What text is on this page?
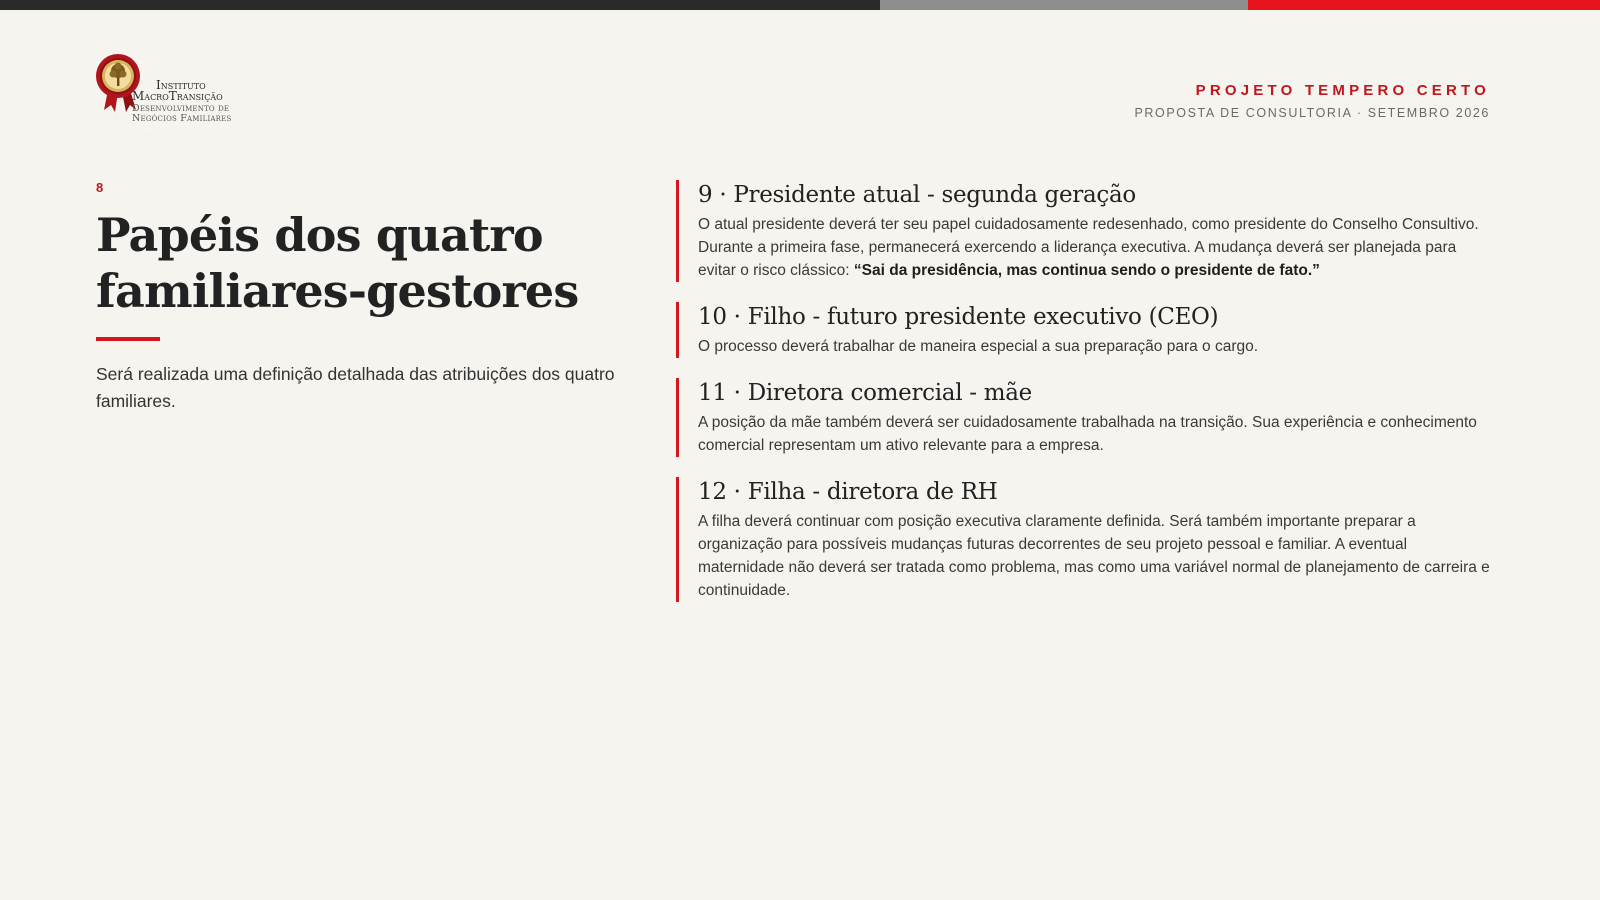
Instituto
MacroTransição
Desenvolvimento de
Negócios Familiares
PROJETO TEMPERO CERTO
PROPOSTA DE CONSULTORIA · SETEMBRO 2026
8
Papéis dos quatro familiares-gestores

Será realizada uma definição detalhada das atribuições dos quatro familiares.

9 · Presidente atual - segunda geração
O atual presidente deverá ter seu papel cuidadosamente redesenhado, como presidente do Conselho Consultivo. Durante a primeira fase, permanecerá exercendo a liderança executiva. A mudança deverá ser planejada para evitar o risco clássico: “Sai da presidência, mas continua sendo o presidente de fato.”
10 · Filho - futuro presidente executivo (CEO)
O processo deverá trabalhar de maneira especial a sua preparação para o cargo.
11 · Diretora comercial - mãe
A posição da mãe também deverá ser cuidadosamente trabalhada na transição. Sua experiência e conhecimento comercial representam um ativo relevante para a empresa.
12 · Filha - diretora de RH
A filha deverá continuar com posição executiva claramente definida. Será também importante preparar a organização para possíveis mudanças futuras decorrentes de seu projeto pessoal e familiar. A eventual maternidade não deverá ser tratada como problema, mas como uma variável normal de planejamento de carreira e continuidade.
